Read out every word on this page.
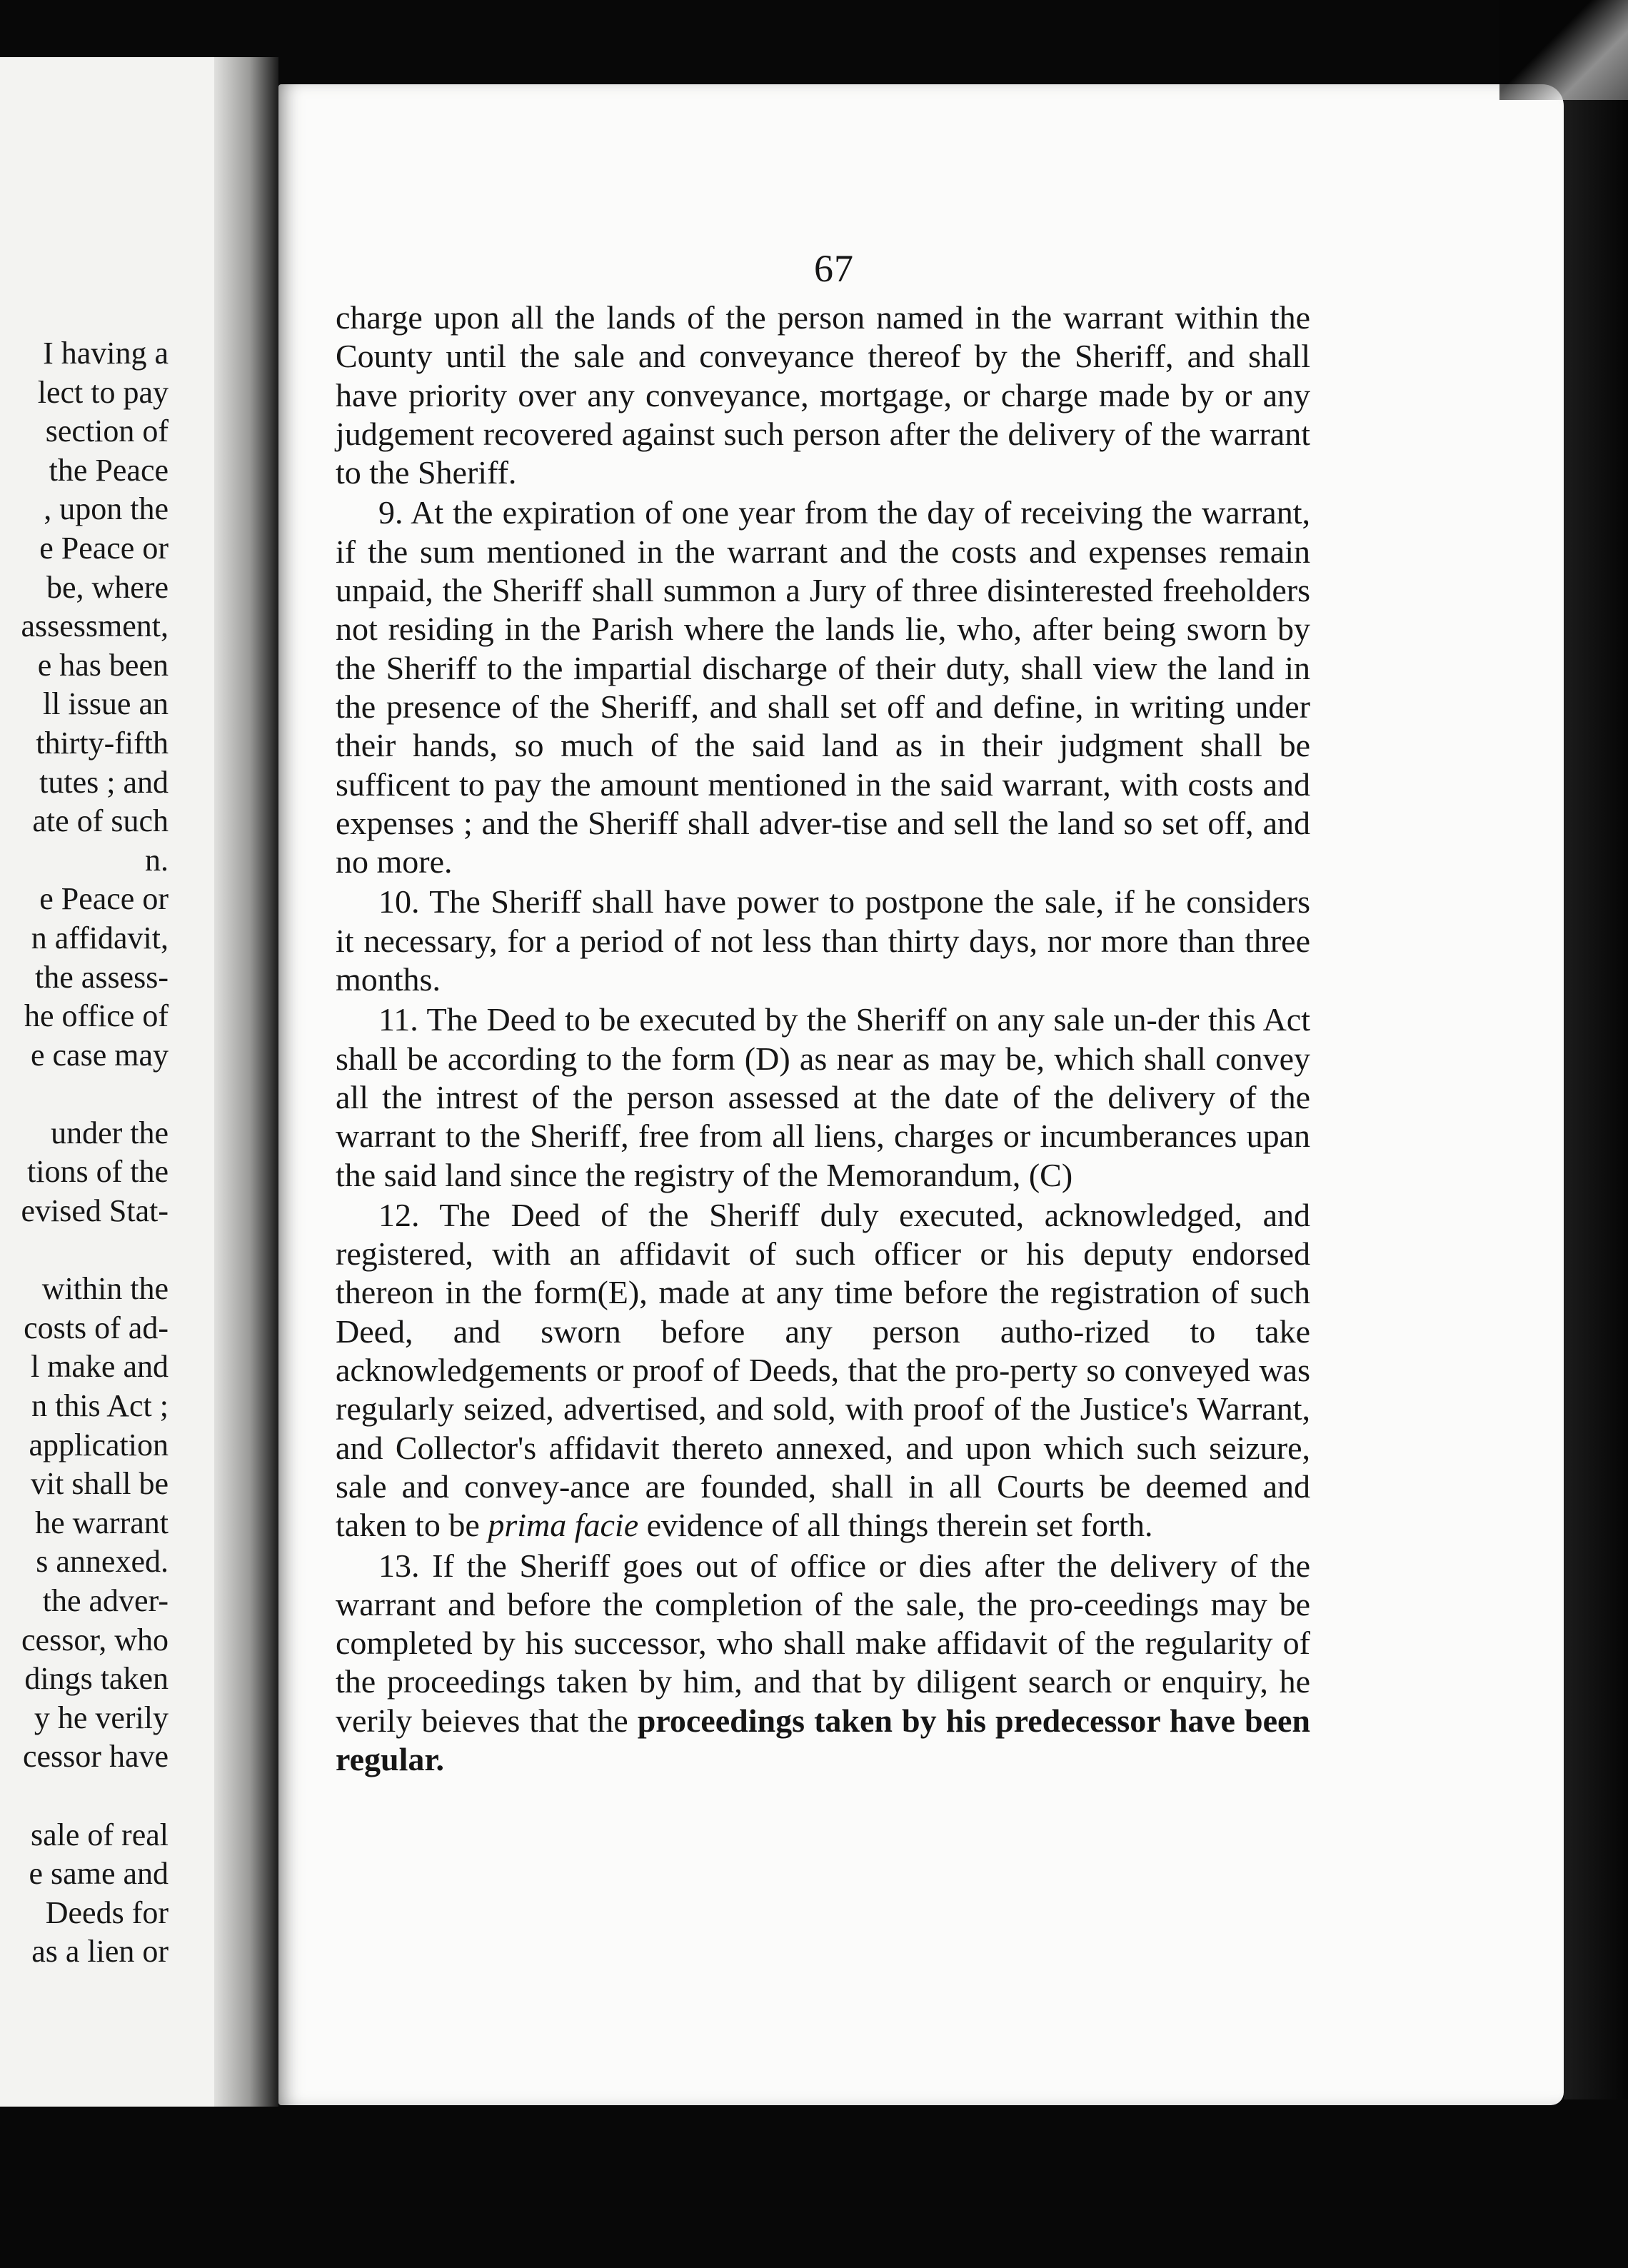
I having a
lect to pay
section of
the Peace
, upon the
e Peace or
be, where
assessment,
e has been
ll issue an
thirty-fifth
tutes ; and
ate of such
n.
e Peace or
n affidavit,
the assess-
he office of
e case may

under the
tions of the
evised Stat-

within the
costs of ad-
l make and
n this Act ;
application
vit shall be
he warrant
s annexed.
the adver-
cessor, who
dings taken
y he verily
cessor have

sale of real
e same and
Deeds for
as a lien or
67

charge upon all the lands of the person named in the warrant within the County until the sale and conveyance thereof by the Sheriff, and shall have priority over any conveyance, mortgage, or charge made by or any judgement recovered against such person after the delivery of the warrant to the Sheriff.

9. At the expiration of one year from the day of receiving the warrant, if the sum mentioned in the warrant and the costs and expenses remain unpaid, the Sheriff shall summon a Jury of three disinterested freeholders not residing in the Parish where the lands lie, who, after being sworn by the Sheriff to the impartial discharge of their duty, shall view the land in the presence of the Sheriff, and shall set off and define, in writing under their hands, so much of the said land as in their judgment shall be sufficent to pay the amount mentioned in the said warrant, with costs and expenses ; and the Sheriff shall adver-tise and sell the land so set off, and no more.

10. The Sheriff shall have power to postpone the sale, if he considers it necessary, for a period of not less than thirty days, nor more than three months.

11. The Deed to be executed by the Sheriff on any sale un-der this Act shall be according to the form (D) as near as may be, which shall convey all the intrest of the person assessed at the date of the delivery of the warrant to the Sheriff, free from all liens, charges or incumberances upan the said land since the registry of the Memorandum, (C)

12. The Deed of the Sheriff duly executed, acknowledged, and registered, with an affidavit of such officer or his deputy endorsed thereon in the form(E), made at any time before the registration of such Deed, and sworn before any person autho-rized to take acknowledgements or proof of Deeds, that the pro-perty so conveyed was regularly seized, advertised, and sold, with proof of the Justice's Warrant, and Collector's affidavit thereto annexed, and upon which such seizure, sale and convey-ance are founded, shall in all Courts be deemed and taken to be prima facie evidence of all things therein set forth.

13. If the Sheriff goes out of office or dies after the delivery of the warrant and before the completion of the sale, the pro-ceedings may be completed by his successor, who shall make affidavit of the regularity of the proceedings taken by him, and that by diligent search or enquiry, he verily beieves that the proceedings taken by his predecessor have been regular.
